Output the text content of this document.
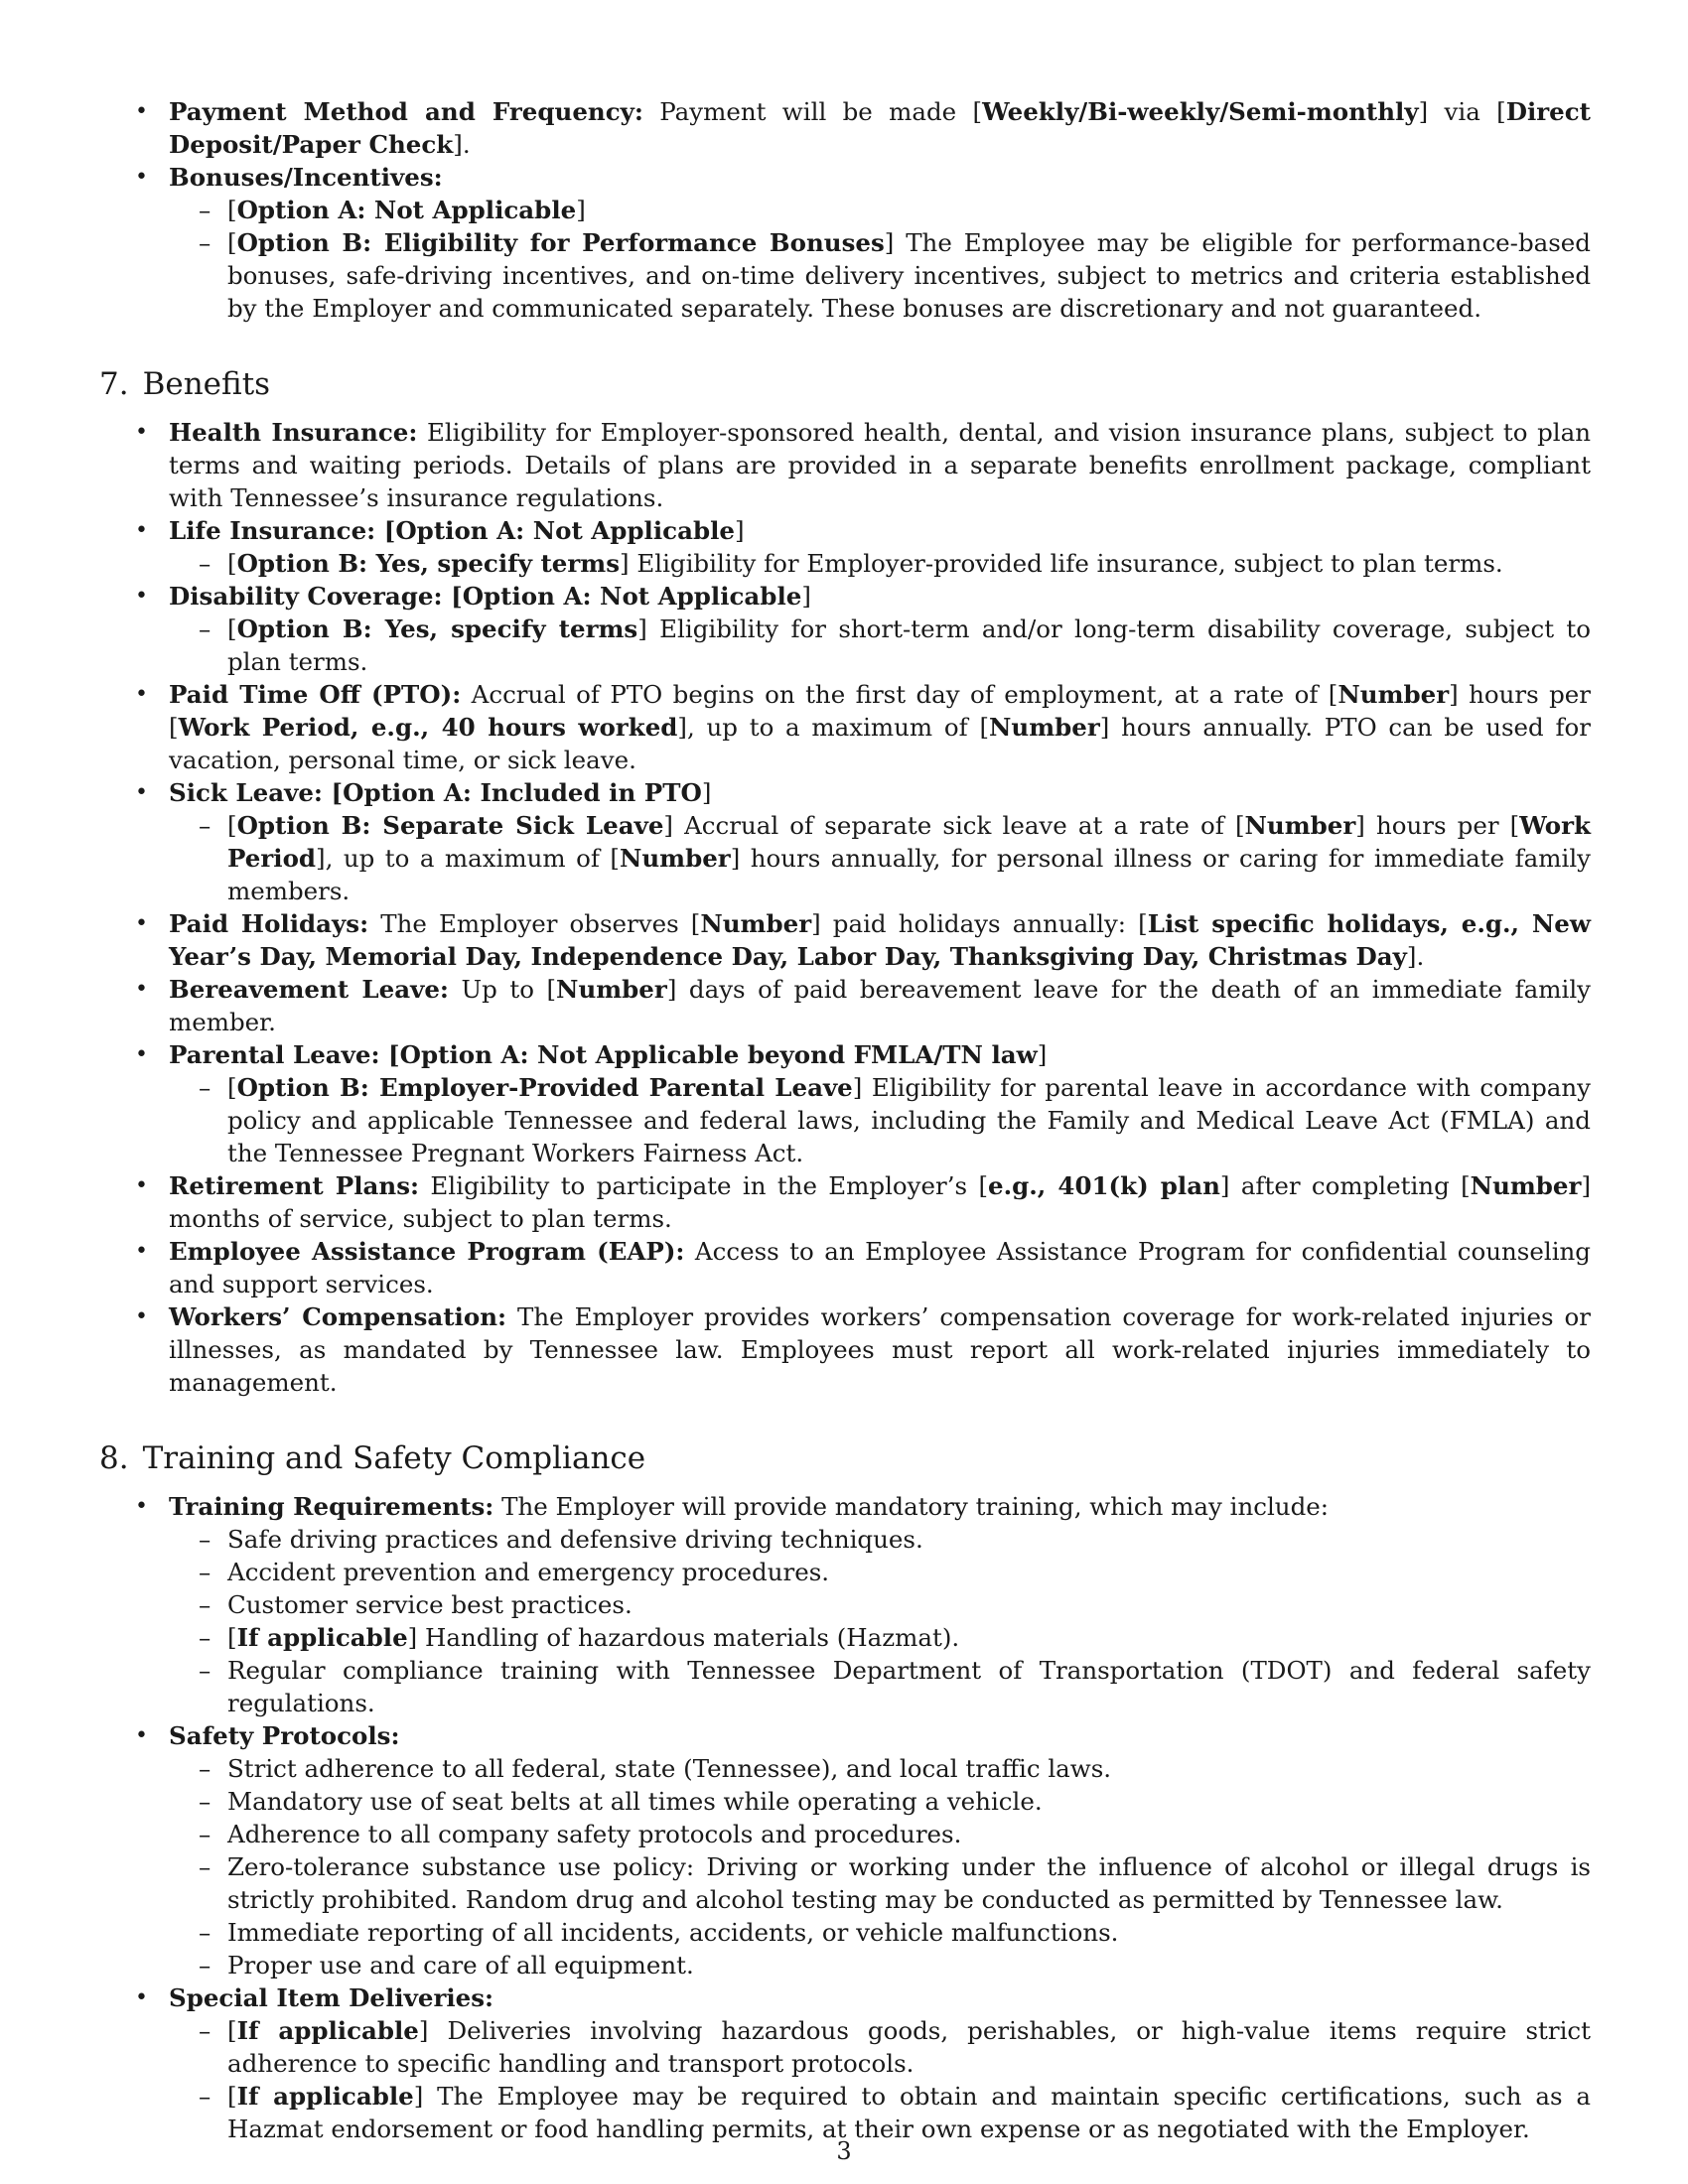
• Payment Method and Frequency: Payment will be made [Weekly/Bi-weekly/Semi-monthly] via [Direct Deposit/Paper Check].
• Bonuses/Incentives:
– [Option A: Not Applicable]
– [Option B: Eligibility for Performance Bonuses] The Employee may be eligible for performance-based bonuses, safe-driving incentives, and on-time delivery incentives, subject to metrics and criteria established by the Employer and communicated separately. These bonuses are discretionary and not guaranteed.
7. Benefits
• Health Insurance: Eligibility for Employer-sponsored health, dental, and vision insurance plans, subject to plan terms and waiting periods. Details of plans are provided in a separate benefits enrollment package, compliant with Tennessee’s insurance regulations.
• Life Insurance: [Option A: Not Applicable]
– [Option B: Yes, specify terms] Eligibility for Employer-provided life insurance, subject to plan terms.
• Disability Coverage: [Option A: Not Applicable]
– [Option B: Yes, specify terms] Eligibility for short-term and/or long-term disability coverage, subject to plan terms.
• Paid Time Off (PTO): Accrual of PTO begins on the first day of employment, at a rate of [Number] hours per [Work Period, e.g., 40 hours worked], up to a maximum of [Number] hours annually. PTO can be used for vacation, personal time, or sick leave.
• Sick Leave: [Option A: Included in PTO]
– [Option B: Separate Sick Leave] Accrual of separate sick leave at a rate of [Number] hours per [Work Period], up to a maximum of [Number] hours annually, for personal illness or caring for immediate family members.
• Paid Holidays: The Employer observes [Number] paid holidays annually: [List specific holidays, e.g., New Year’s Day, Memorial Day, Independence Day, Labor Day, Thanksgiving Day, Christmas Day].
• Bereavement Leave: Up to [Number] days of paid bereavement leave for the death of an immediate family member.
• Parental Leave: [Option A: Not Applicable beyond FMLA/TN law]
– [Option B: Employer-Provided Parental Leave] Eligibility for parental leave in accordance with company policy and applicable Tennessee and federal laws, including the Family and Medical Leave Act (FMLA) and the Tennessee Pregnant Workers Fairness Act.
• Retirement Plans: Eligibility to participate in the Employer’s [e.g., 401(k) plan] after completing [Number] months of service, subject to plan terms.
• Employee Assistance Program (EAP): Access to an Employee Assistance Program for confidential counseling and support services.
• Workers’ Compensation: The Employer provides workers’ compensation coverage for work-related injuries or illnesses, as mandated by Tennessee law. Employees must report all work-related injuries immediately to management.
8. Training and Safety Compliance
• Training Requirements: The Employer will provide mandatory training, which may include:
– Safe driving practices and defensive driving techniques.
– Accident prevention and emergency procedures.
– Customer service best practices.
– [If applicable] Handling of hazardous materials (Hazmat).
– Regular compliance training with Tennessee Department of Transportation (TDOT) and federal safety regulations.
• Safety Protocols:
– Strict adherence to all federal, state (Tennessee), and local traffic laws.
– Mandatory use of seat belts at all times while operating a vehicle.
– Adherence to all company safety protocols and procedures.
– Zero-tolerance substance use policy: Driving or working under the influence of alcohol or illegal drugs is strictly prohibited. Random drug and alcohol testing may be conducted as permitted by Tennessee law.
– Immediate reporting of all incidents, accidents, or vehicle malfunctions.
– Proper use and care of all equipment.
• Special Item Deliveries:
– [If applicable] Deliveries involving hazardous goods, perishables, or high-value items require strict adherence to specific handling and transport protocols.
– [If applicable] The Employee may be required to obtain and maintain specific certifications, such as a Hazmat endorsement or food handling permits, at their own expense or as negotiated with the Employer.
3
